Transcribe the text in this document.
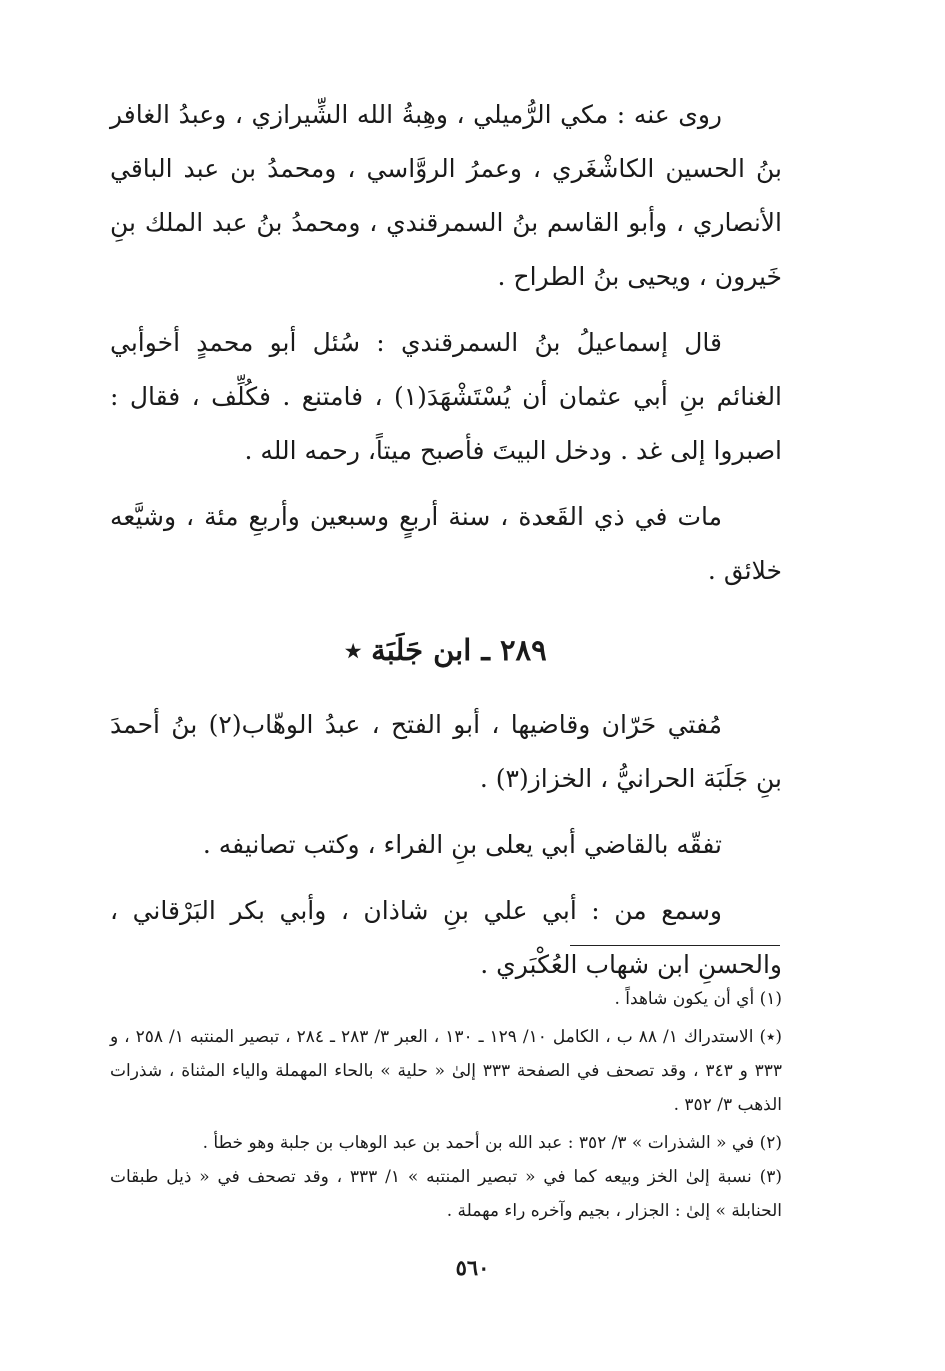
روى عنه : مكي الرُّميلي ، وهِبةُ الله الشِّيرازي ، وعبدُ الغافر بنُ الحسين الكاشْغَري ، وعمرُ الروَّاسي ، ومحمدُ بن عبد الباقي الأنصاري ، وأبو القاسم بنُ السمرقندي ، ومحمدُ بنُ عبد الملك بنِ خَيرون ، ويحيى بنُ الطراح .

قال إسماعيلُ بنُ السمرقندي : سُئل أبو محمدٍ أخوأبي الغنائم بنِ أبي عثمان أن يُسْتَشْهَدَ(١) ، فامتنع . فكُلِّف ، فقال : اصبروا إلى غد . ودخل البيتَ فأصبح ميتاً، رحمه الله .

مات في ذي القَعدة ، سنة أربعٍ وسبعين وأربعِ مئة ، وشيَّعه خلائق .

٢٨٩ ـ ابن جَلَبَة ٭

مُفتي حَرّان وقاضيها ، أبو الفتح ، عبدُ الوهّاب(٢) بنُ أحمدَ بنِ جَلَبَة الحرانيُّ ، الخزاز(٣) .

تفقّه بالقاضي أبي يعلى بنِ الفراء ، وكتب تصانيفه .

وسمع من : أبي علي بنِ شاذان ، وأبي بكر البَرْقاني ، والحسنِ ابن شهاب العُكْبَري .

(١) أي أن يكون شاهداً .

(٭) الاستدراك ١/ ٨٨ ب ، الكامل ١٠/ ١٢٩ ـ ١٣٠ ، العبر ٣/ ٢٨٣ ـ ٢٨٤ ، تبصير المنتبه ١/ ٢٥٨ ، و ٣٣٣ و ٣٤٣ ، وقد تصحف في الصفحة ٣٣٣ إلىٰ « حلية » بالحاء المهملة والياء المثناة ، شذرات الذهب ٣/ ٣٥٢ .

(٢) في « الشذرات » ٣/ ٣٥٢ : عبد الله بن أحمد بن عبد الوهاب بن جلبة وهو خطأ .

(٣) نسبة إلىٰ الخز وبيعه كما في « تبصير المنتبه » ١/ ٣٣٣ ، وقد تصحف في « ذيل طبقات الحنابلة » إلىٰ : الجزار ، بجيم وآخره راء مهملة .

٥٦٠
